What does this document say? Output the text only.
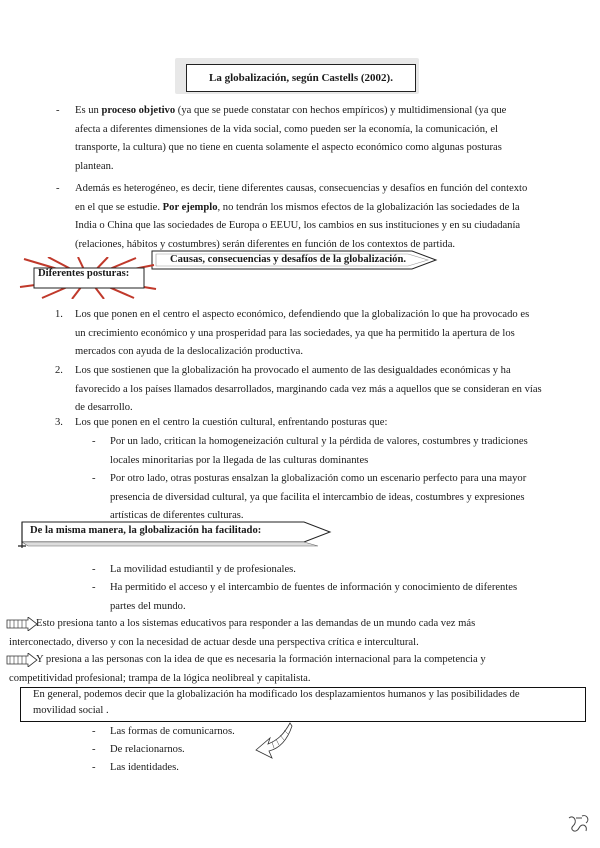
La globalización, según Castells (2002).
- Es un proceso objetivo (ya que se puede constatar con hechos empíricos) y multidimensional (ya que
afecta a diferentes dimensiones de la vida social, como pueden ser la economía, la comunicación, el
transporte, la cultura) que no tiene en cuenta solamente el aspecto económico como algunas posturas
plantean.
- Además es heterogéneo, es decir, tiene diferentes causas, consecuencias y desafíos en función del contexto
en el que se estudie. Por ejemplo, no tendrán los mismos efectos de la globalización las sociedades de la
India o China que las sociedades de Europa o EEUU, los cambios en sus instituciones y en su ciudadanía
(relaciones, hábitos y costumbres) serán diferentes en función de los contextos de partida.
Causas, consecuencias y desafíos de la globalización.
Diferentes posturas:
1. Los que ponen en el centro el aspecto económico, defendiendo que la globalización lo que ha provocado es
un crecimiento económico y una prosperidad para las sociedades, ya que ha permitido la apertura de los
mercados con ayuda de la deslocalización productiva.
2. Los que sostienen que la globalización ha provocado el aumento de las desigualdades económicas y ha
favorecido a los países llamados desarrollados, marginando cada vez más a aquellos que se consideran en vías
de desarrollo.
3. Los que ponen en el centro la cuestión cultural, enfrentando posturas que:
- Por un lado, critican la homogeneización cultural y la pérdida de valores, costumbres y tradiciones
locales minoritarias por la llegada de las culturas dominantes
- Por otro lado, otras posturas ensalzan la globalización como un escenario perfecto para una mayor
presencia de diversidad cultural, ya que facilita el intercambio de ideas, costumbres y expresiones
artísticas de diferentes culturas.
De la misma manera, la globalización ha facilitado:
- La movilidad estudiantil y de profesionales.
- Ha permitido el acceso y el intercambio de fuentes de información y conocimiento de diferentes
partes del mundo.
Esto presiona tanto a los sistemas educativos para responder a las demandas de un mundo cada vez más
interconectado, diverso y con la necesidad de actuar desde una perspectiva crítica e intercultural.
Y presiona a las personas con la idea de que es necesaria la formación internacional para la competencia y
competitividad profesional; trampa de la lógica neolibreal y capitalista.
En general, podemos decir que la globalización ha modificado los desplazamientos humanos y las posibilidades de
movilidad social .
- Las formas de comunicarnos.
- De relacionarnos.
- Las identidades.
